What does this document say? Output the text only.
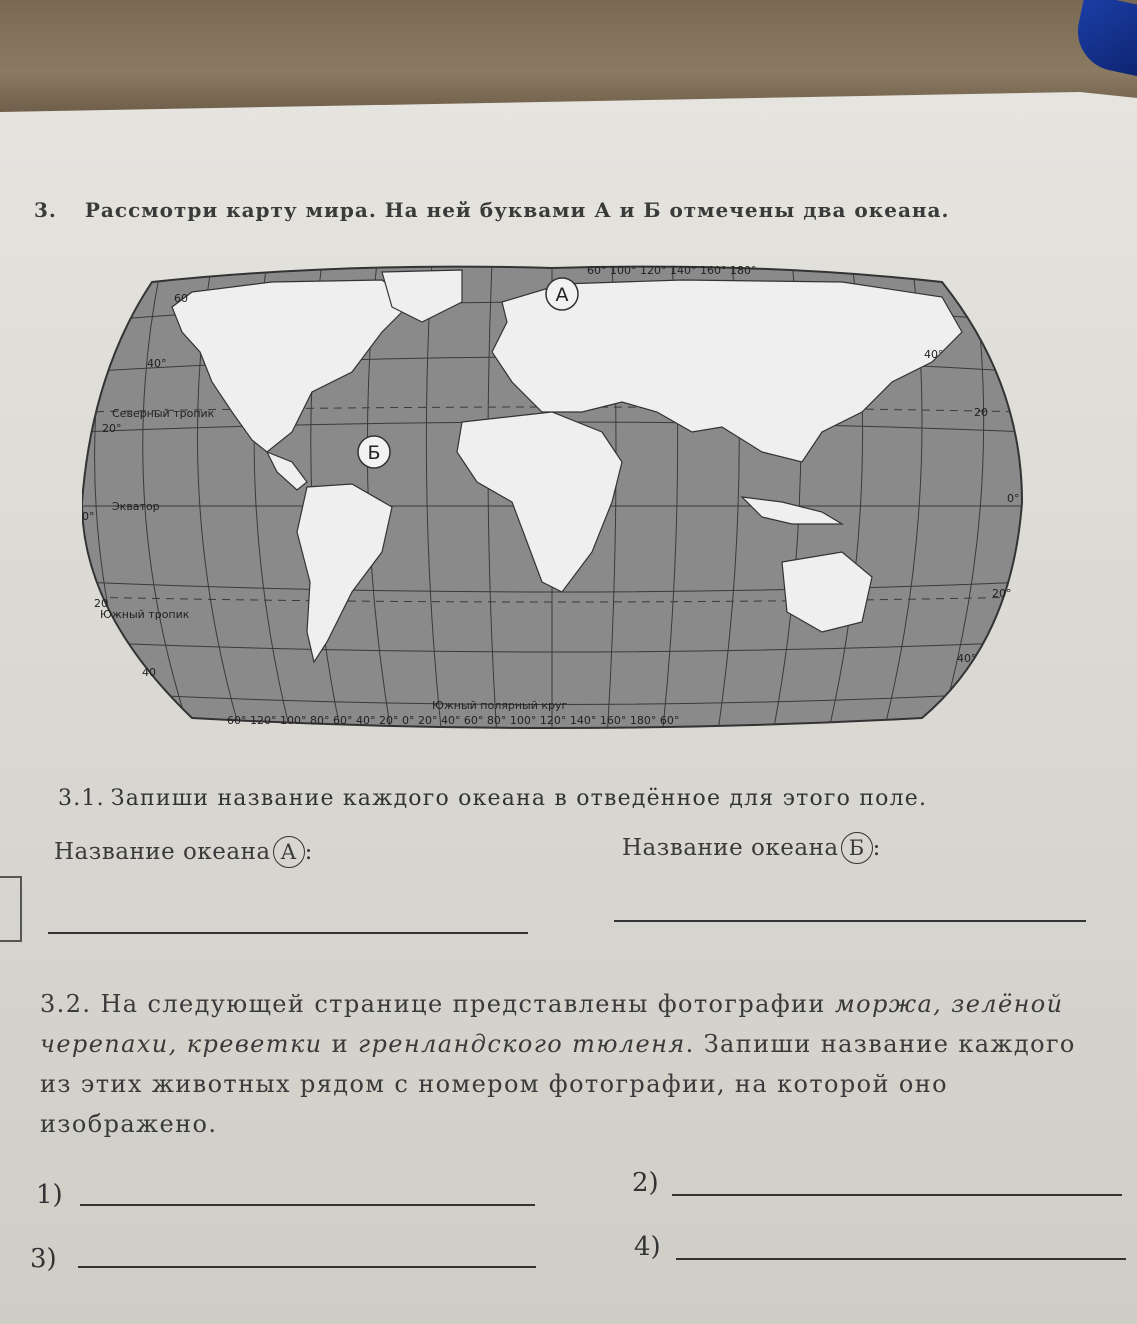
3. Рассмотри карту мира. На ней буквами А и Б отмечены два океана.
Северный тропик
Экватор
Южный тропик
Южный полярный круг
60° 100° 120° 140° 160° 180°
60° 120° 100° 80° 60° 40° 20° 0° 20° 40° 60° 80° 100° 120° 140° 160° 180° 60°
60
40°
20°
0°
20
40
40°
20
0°
20°
40°
А
Б
3.1. Запиши название каждого океана в отведённое для этого поле.
Название океана А :	Название океана Б :
3.2. На следующей странице представлены фотографии моржа, зелёной черепахи, креветки и гренландского тюленя. Запиши название каждого из этих животных рядом с номером фотографии, на которой оно изображено.
1)	2)
3)	4)
